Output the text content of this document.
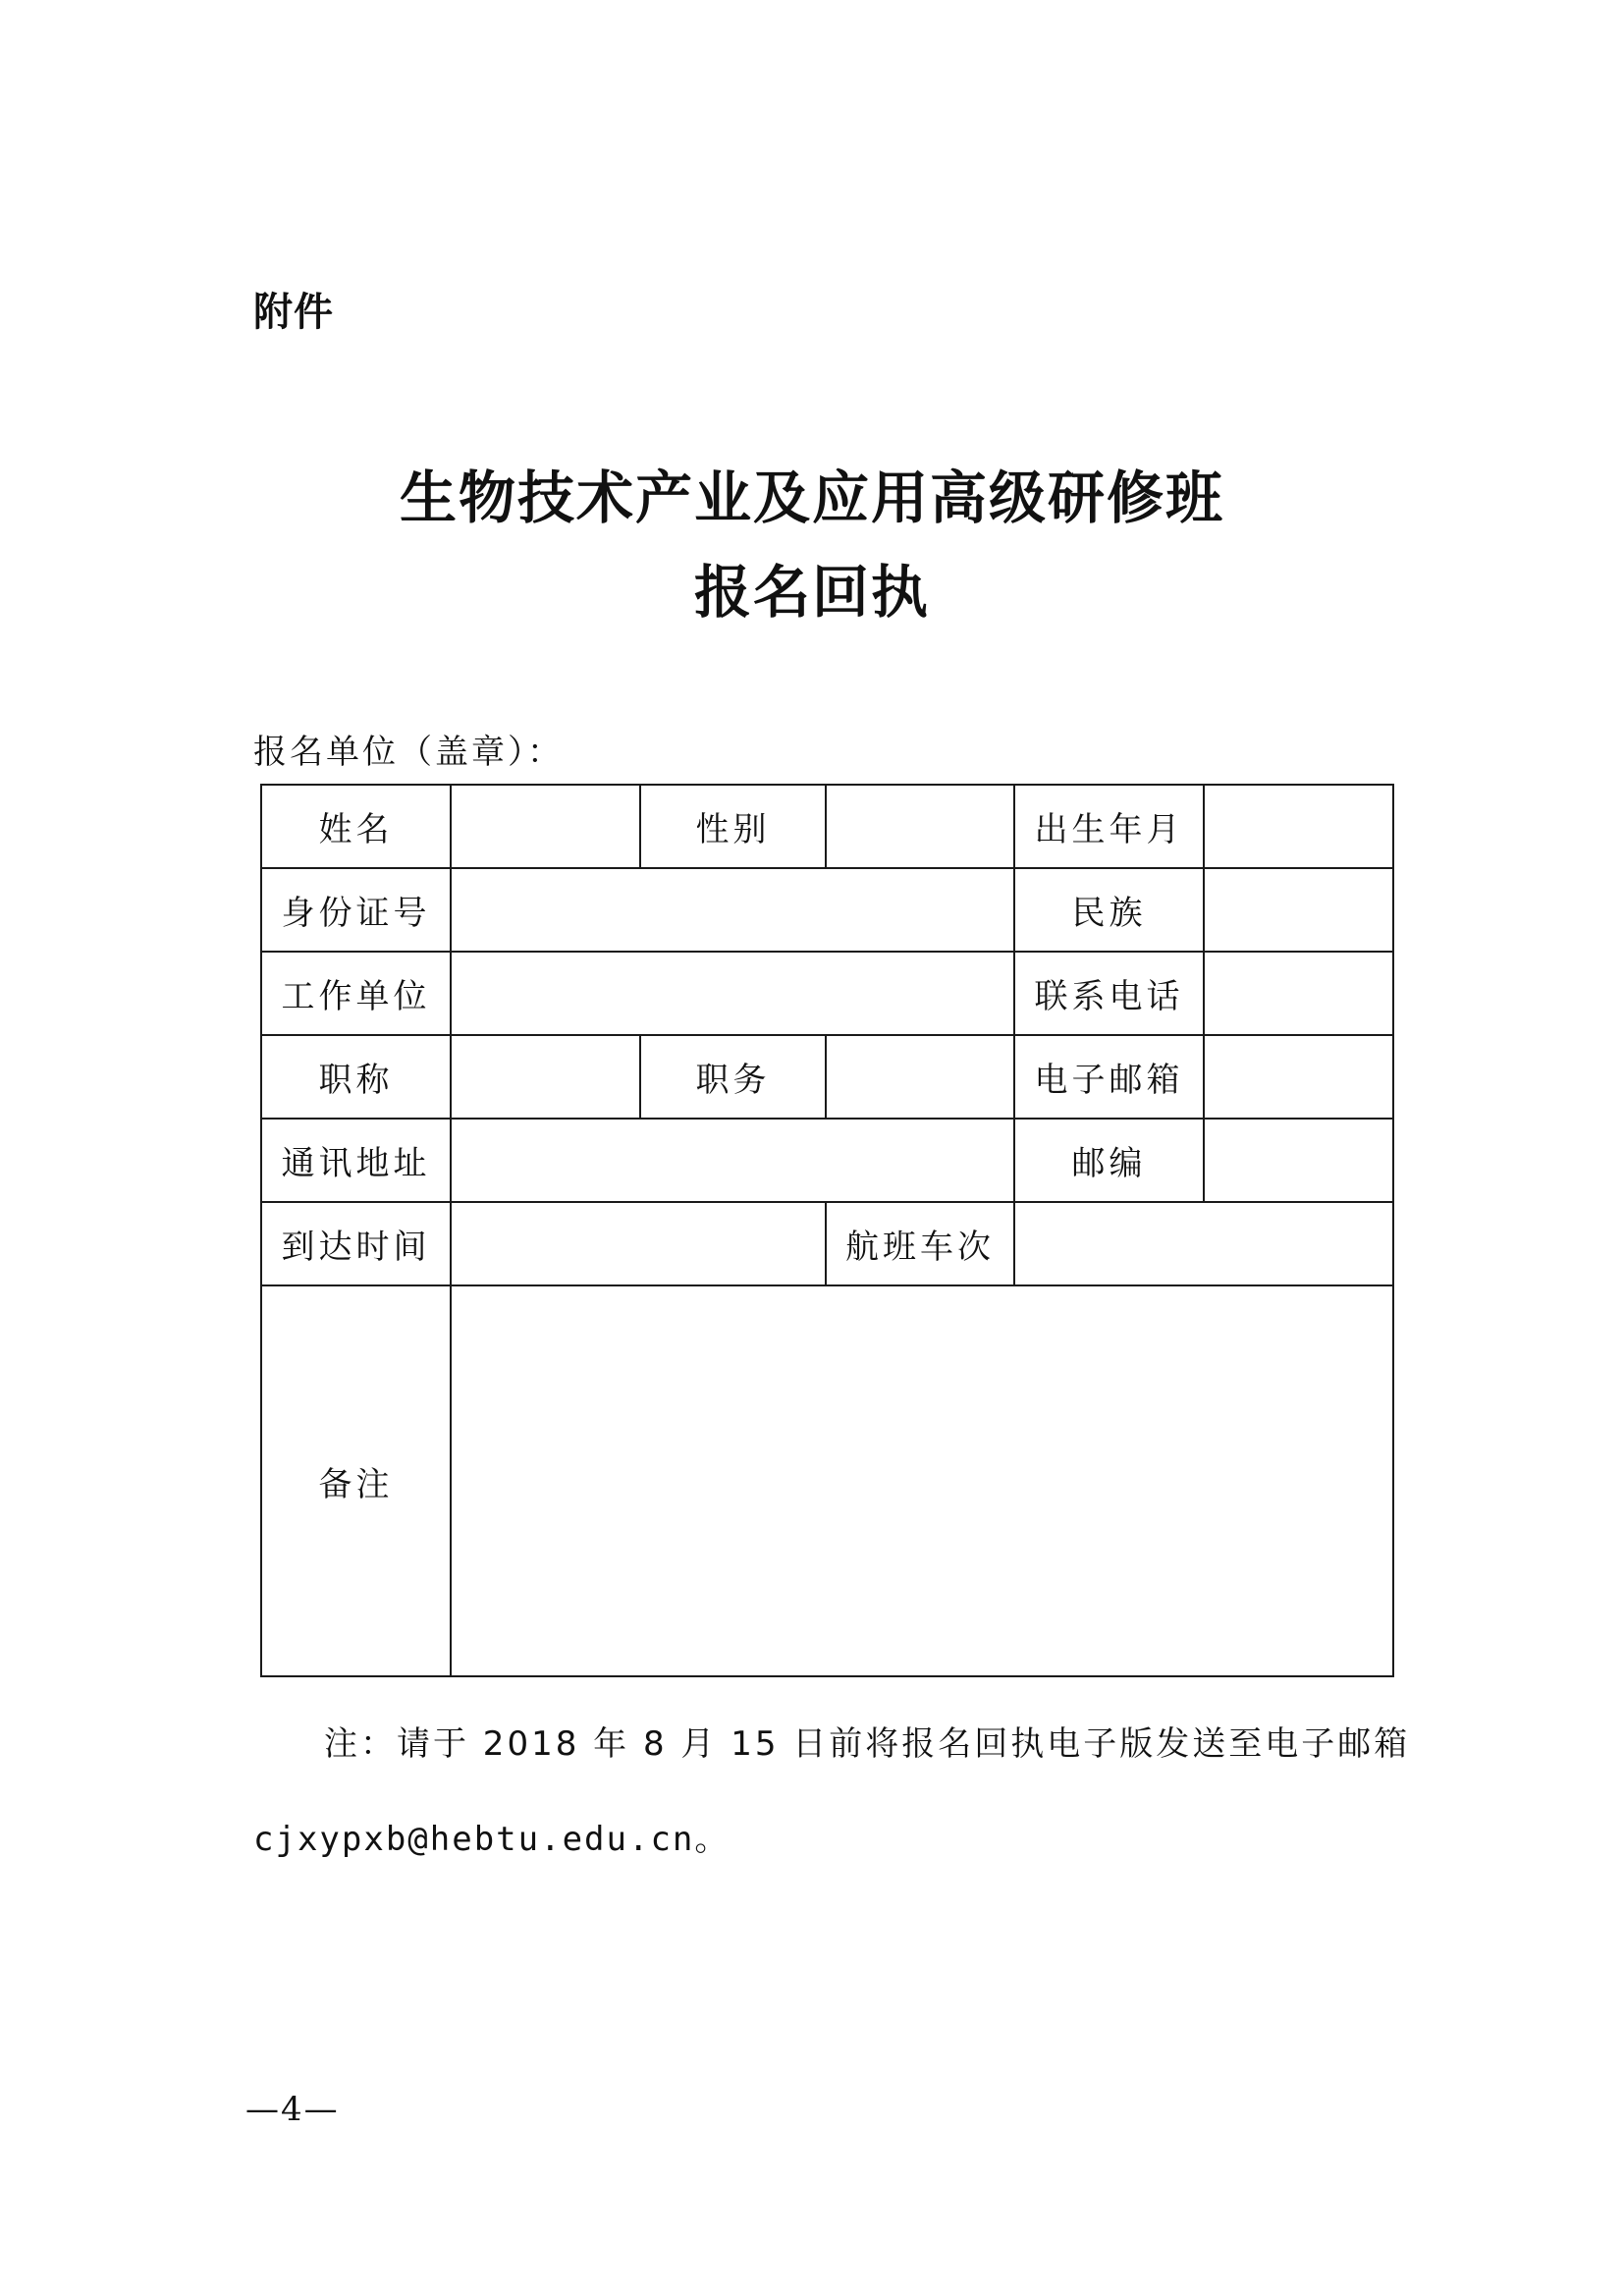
附件
生物技术产业及应用高级研修班
报名回执
报名单位（盖章）：
姓名		性别		出生年月	
身份证号				民族	
工作单位				联系电话	
职称		职务		电子邮箱	
通讯地址				邮编	
到达时间			航班车次		
备注					
注：请于 2018 年 8 月 15 日前将报名回执电子版发送至电子邮箱
cjxypxb@hebtu.edu.cn。
—4—
